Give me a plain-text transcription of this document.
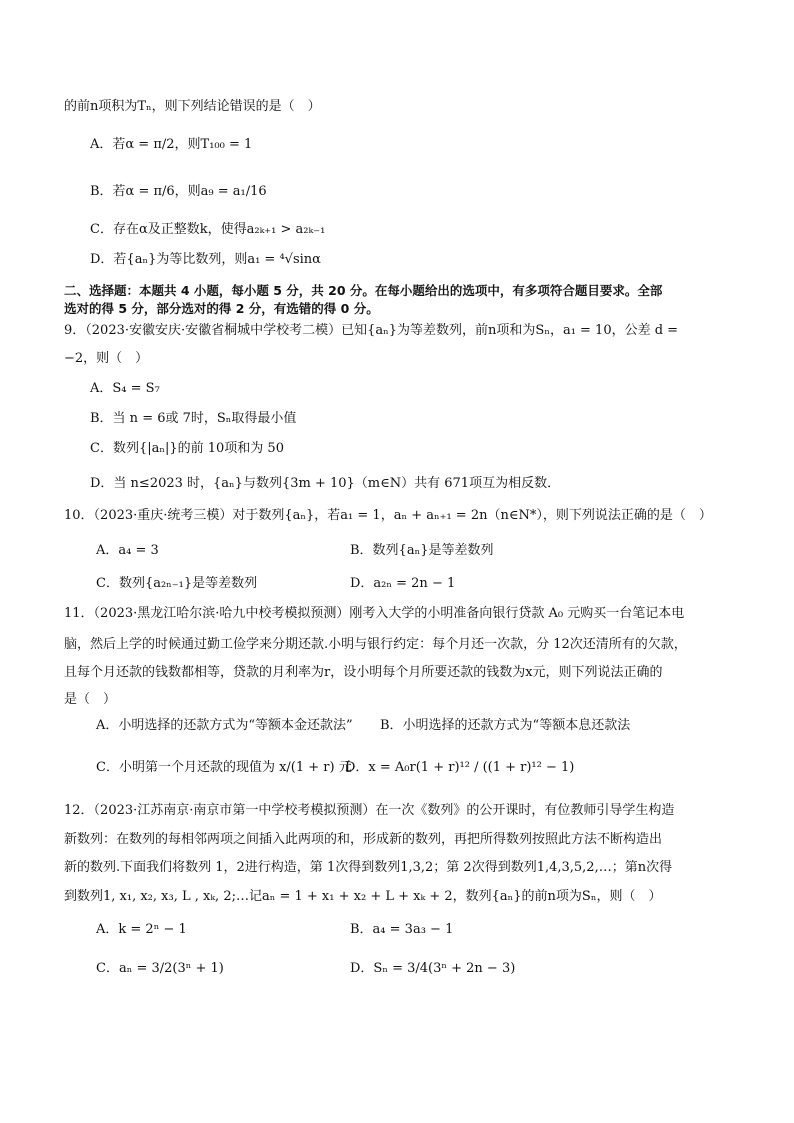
的前n项积为Tₙ，则下列结论错误的是（　）
A．若α = π/2，则T₁₀₀ = 1
B．若α = π/6，则a₉ = a₁/16
C．存在α及正整数k，使得a₂ₖ₊₁ > a₂ₖ₋₁
D．若{aₙ}为等比数列，则a₁ = ⁴√sinα
二、选择题：本题共 4 小题，每小题 5 分，共 20 分。在每小题给出的选项中，有多项符合题目要求。全部
选对的得 5 分，部分选对的得 2 分，有选错的得 0 分。
9．（2023·安徽安庆·安徽省桐城中学校考二模）已知{aₙ}为等差数列，前n项和为Sₙ，a₁ = 10，公差 d =
−2，则（　）
A．S₄ = S₇
B．当 n = 6或 7时，Sₙ取得最小值
C．数列{|aₙ|}的前 10项和为 50
D．当 n≤2023 时，{aₙ}与数列{3m + 10}（m∈N）共有 671项互为相反数．
10．（2023·重庆·统考三模）对于数列{aₙ}，若a₁ = 1，aₙ + aₙ₊₁ = 2n（n∈N*），则下列说法正确的是（　）
A．a₄ = 3	B．数列{aₙ}是等差数列
C．数列{a₂ₙ₋₁}是等差数列	D．a₂ₙ = 2n − 1
11．（2023·黑龙江哈尔滨·哈九中校考模拟预测）刚考入大学的小明准备向银行贷款 A₀ 元购买一台笔记本电
脑，然后上学的时候通过勤工俭学来分期还款.小明与银行约定：每个月还一次款，分 12次还清所有的欠款，
且每个月还款的钱数都相等，贷款的月利率为r，设小明每个月所要还款的钱数为x元，则下列说法正确的
是（　）
A．小明选择的还款方式为“等额本金还款法” B．小明选择的还款方式为“等额本息还款法
C．小明第一个月还款的现值为 x/(1 + r) 元
D．x = A₀r(1 + r)¹² / ((1 + r)¹² − 1)
12．（2023·江苏南京·南京市第一中学校考模拟预测）在一次《数列》的公开课时，有位教师引导学生构造
新数列：在数列的每相邻两项之间插入此两项的和，形成新的数列，再把所得数列按照此方法不断构造出
新的数列.下面我们将数列 1，2进行构造，第 1次得到数列1,3,2；第 2次得到数列1,4,3,5,2,…；第n次得
到数列1, x₁, x₂, x₃, L , xₖ, 2;…记aₙ = 1 + x₁ + x₂ + L + xₖ + 2，数列{aₙ}的前n项为Sₙ，则（　）
A．k = 2ⁿ − 1	B．a₄ = 3a₃ − 1
C．aₙ = 3/2(3ⁿ + 1)	D．Sₙ = 3/4(3ⁿ + 2n − 3)
